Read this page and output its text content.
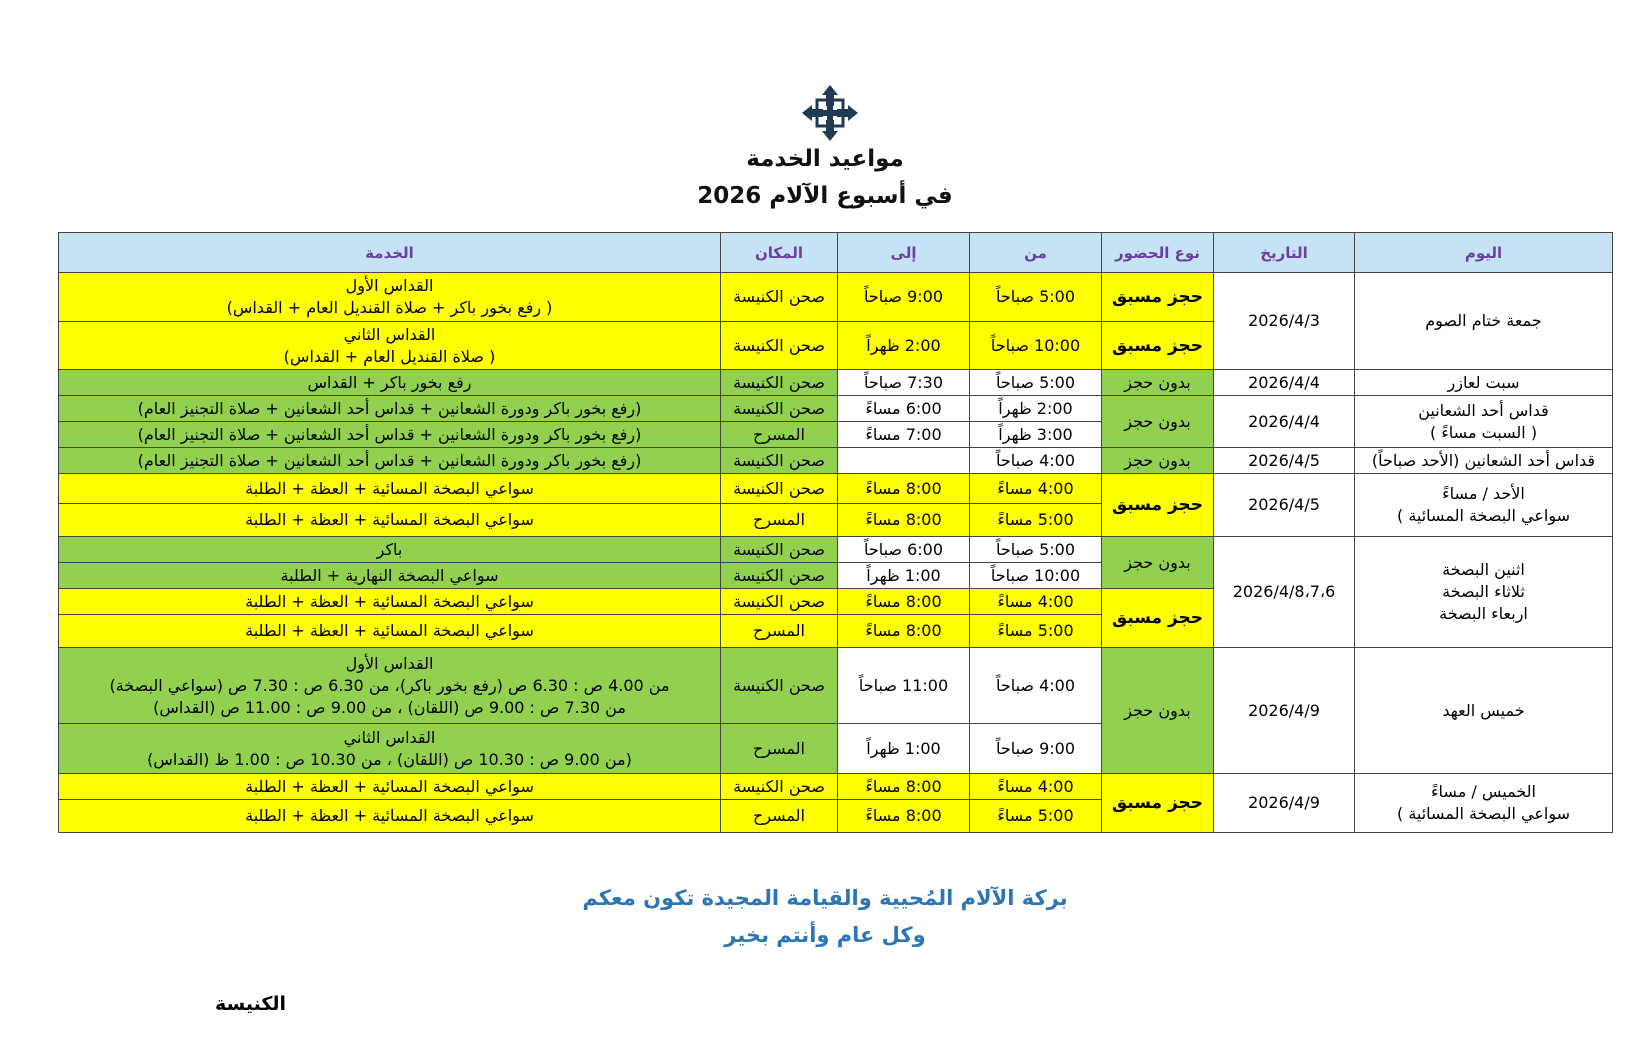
مواعيد الخدمة
في أسبوع الآلام 2026
اليوم	التاريخ	نوع الحضور	من	إلى	المكان	الخدمة
جمعة ختام الصوم	2026/4/3	حجز مسبق	5:00 صباحاً	9:00 صباحاً	صحن الكنيسة	القداس الأول
( رفع بخور باكر + صلاة القنديل العام + القداس)

		حجز مسبق	10:00 صباحاً	2:00 ظهراً	صحن الكنيسة	القداس الثاني
( صلاة القنديل العام + القداس)

سبت لعازر	2026/4/4	بدون حجز	5:00 صباحاً	7:30 صباحاً	صحن الكنيسة	رفع بخور باكر + القداس

قداس أحد الشعانين
( السبت مساءً )	2026/4/4	بدون حجز	2:00 ظهراً	6:00 مساءً	صحن الكنيسة	(رفع بخور باكر ودورة الشعانين + قداس أحد الشعانين + صلاة التجنيز العام)
			3:00 ظهراً	7:00 مساءً	المسرح	(رفع بخور باكر ودورة الشعانين + قداس أحد الشعانين + صلاة التجنيز العام)
قداس أحد الشعانين (الأحد صباحاً)	2026/4/5	بدون حجز	4:00 صباحاً		صحن الكنيسة	(رفع بخور باكر ودورة الشعانين + قداس أحد الشعانين + صلاة التجنيز العام)

الأحد / مساءً
سواعي البصخة المسائية )	2026/4/5	حجز مسبق	4:00 مساءً	8:00 مساءً	صحن الكنيسة	سواعي البصخة المسائية + العظة + الطلبة
			5:00 مساءً	8:00 مساءً	المسرح	سواعي البصخة المسائية + العظة + الطلبة

اثنين البصخة
ثلاثاء البصخة
اربعاء البصخة	2026/4/8،7،6	بدون حجز	5:00 صباحاً	6:00 صباحاً	صحن الكنيسة	باكر
			10:00 صباحاً	1:00 ظهراً	صحن الكنيسة	سواعي البصخة النهارية + الطلبة
		حجز مسبق	4:00 مساءً	8:00 مساءً	صحن الكنيسة	سواعي البصخة المسائية + العظة + الطلبة
			5:00 مساءً	8:00 مساءً	المسرح	سواعي البصخة المسائية + العظة + الطلبة
خميس العهد	2026/4/9	بدون حجز	4:00 صباحاً	11:00 صباحاً	صحن الكنيسة	القداس الأول
من 4.00 ص : 6.30 ص (رفع بخور باكر)، من 6.30 ص : 7.30 ص (سواعي البصخة)
من 7.30 ص : 9.00 ص (اللقان) ، من 9.00 ص : 11.00 ص (القداس)

			9:00 صباحاً	1:00 ظهراً	المسرح	القداس الثاني
(من 9.00 ص : 10.30 ص (اللقان) ، من 10.30 ص : 1.00 ظ (القداس)

الخميس / مساءً
سواعي البصخة المسائية )	2026/4/9	حجز مسبق	4:00 مساءً	8:00 مساءً	صحن الكنيسة	سواعي البصخة المسائية + العظة + الطلبة
			5:00 مساءً	8:00 مساءً	المسرح	سواعي البصخة المسائية + العظة + الطلبة
بركة الآلام المُحيية والقيامة المجيدة تكون معكم
وكل عام وأنتم بخير
الكنيسة
